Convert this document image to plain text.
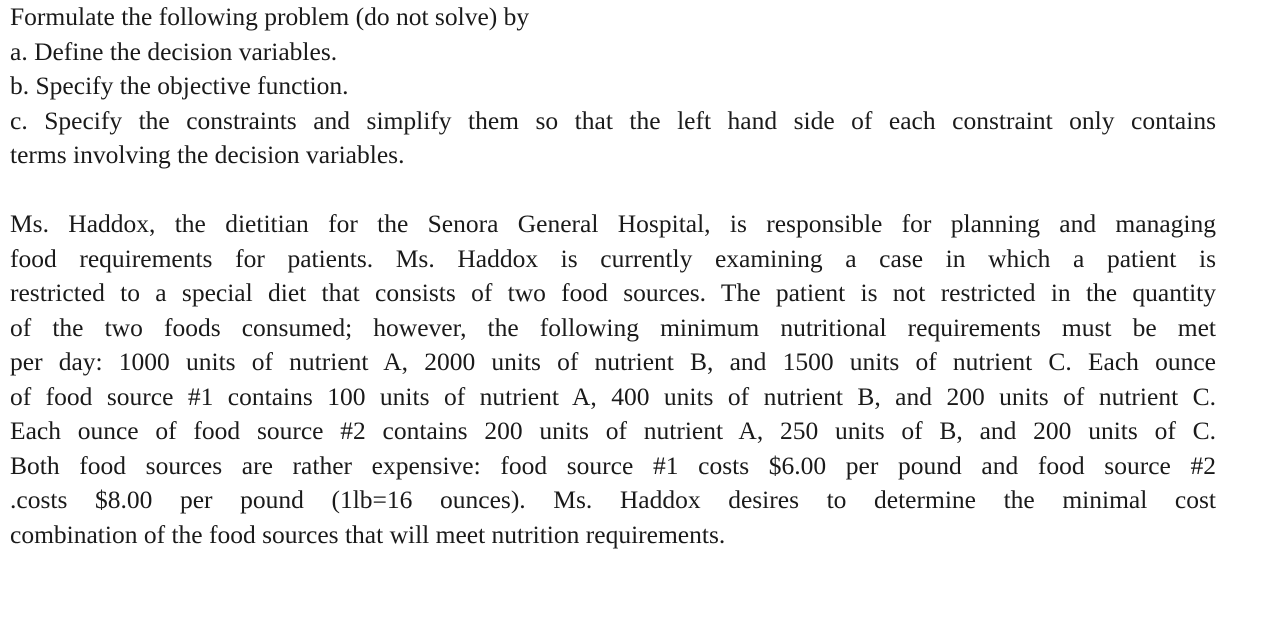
Formulate the following problem (do not solve) by

a. Define the decision variables.

b. Specify the objective function.

c. Specify the constraints and simplify them so that the left hand side of each constraint only contains

terms involving the decision variables.

Ms. Haddox, the dietitian for the Senora General Hospital, is responsible for planning and managing
food requirements for patients. Ms. Haddox is currently examining a case in which a patient is
restricted to a special diet that consists of two food sources. The patient is not restricted in the quantity
of the two foods consumed; however, the following minimum nutritional requirements must be met
per day: 1000 units of nutrient A, 2000 units of nutrient B, and 1500 units of nutrient C. Each ounce
of food source #1 contains 100 units of nutrient A, 400 units of nutrient B, and 200 units of nutrient C.
Each ounce of food source #2 contains 200 units of nutrient A, 250 units of B, and 200 units of C.
Both food sources are rather expensive: food source #1 costs $6.00 per pound and food source #2
.costs $8.00 per pound (1lb=16 ounces). Ms. Haddox desires to determine the minimal cost
combination of the food sources that will meet nutrition requirements.
